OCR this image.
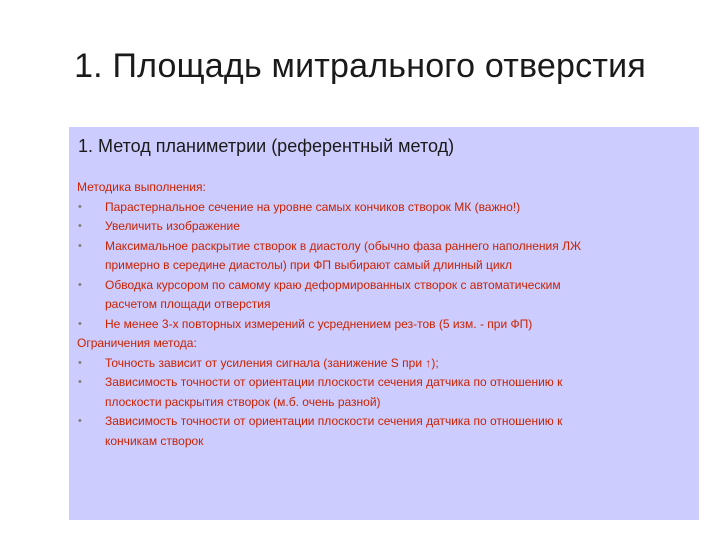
1. Площадь митрального отверстия
1. Метод планиметрии (референтный метод)
Методика выполнения:
• Парастернальное сечение на уровне самых кончиков створок МК (важно!)
• Увеличить изображение
• Максимальное раскрытие створок в диастолу (обычно фаза раннего наполнения ЛЖ
примерно в середине диастолы) при ФП выбирают самый длинный цикл
• Обводка курсором по самому краю деформированных створок с автоматическим
расчетом площади отверстия
• Не менее 3-х повторных измерений с усреднением рез-тов (5 изм. - при ФП)
Ограничения метода:
• Точность зависит от усиления сигнала (занижение S при ↑);
• Зависимость точности от ориентации плоскости сечения датчика по отношению к
плоскости раскрытия створок (м.б. очень разной)
• Зависимость точности от ориентации плоскости сечения датчика по отношению к
кончикам створок
